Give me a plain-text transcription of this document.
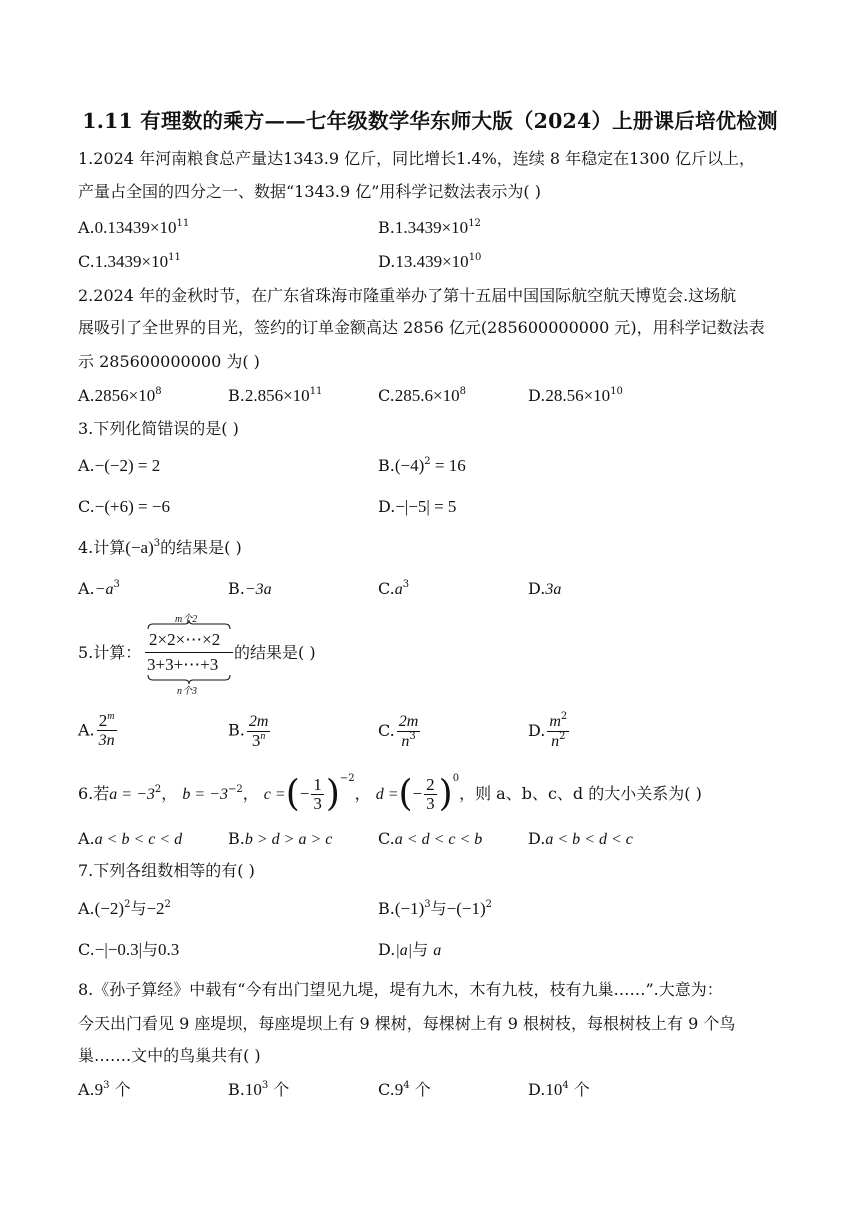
1.11 有理数的乘方——七年级数学华东师大版（2024）上册课后培优检测
1.2024 年河南粮食总产量达1343.9 亿斤，同比增长1.4%，连续 8 年稳定在1300 亿斤以上，
产量占全国的四分之一、数据“1343.9 亿”用科学记数法表示为( )
$A.0.13439\times 10^{11}$	$B.1.3439\times 10^{12}$
$C.1.3439\times 10^{11}$	$D.13.439\times 10^{10}$
2.2024 年的金秋时节，在广东省珠海市隆重举办了第十五届中国国际航空航天博览会.这场航
展吸引了全世界的目光，签约的订单金额高达 2856 亿元(285600000000 元)，用科学记数法表
示 285600000000 为( )
$A.2856\times 10^8$	$B.2.856\times 10^{11}$	$C.285.6\times 10^8$	$D.28.56\times 10^{10}$
3.下列化简错误的是( )
A.−(−2) = 2	$B.(-4)^2 = 16$
C.−(+6) = −6	D.−|−5| = 5
4.计算$(-a)^3$的结果是( )
$A.-a^3$	B.−3a	$C.a^3$	D.3a
5.计算：
m个2
2×2×⋯×2
3+3+⋯+3
n个3
的结果是( )
A. $\frac{2^m}{3n}$	B. $\frac{2m}{3^n}$	C. $\frac{2m}{n^3}$	D. $\frac{m^2}{n^2}$
6.若$a = -3^2$， $b = -3^{-2}$， c =(− $\frac{1}{3} )^{-2}$， d =(− $\frac{2}{3} )^0$，则 a、b、c、d 的大小关系为( )
A.a < b < c < d	B.b > d > a > c	C.a < d < c < b	D.a < b < d < c
7.下列各组数相等的有( )
$A.(-2)^2$与$-2^2$	$B.(-1)^3$与$-(-1)^2$
C.−|−0.3|与0.3	D.|a|与 a
8.《孙子算经》中载有“今有出门望见九堤，堤有九木，木有九枝，枝有九巢……”.大意为：
今天出门看见 9 座堤坝，每座堤坝上有 9 棵树，每棵树上有 9 根树枝，每根树枝上有 9 个鸟
巢…….文中的鸟巢共有( )
$A.9^3$ 个	$B.10^3$ 个	$C.9^4$ 个	$D.10^4$ 个
